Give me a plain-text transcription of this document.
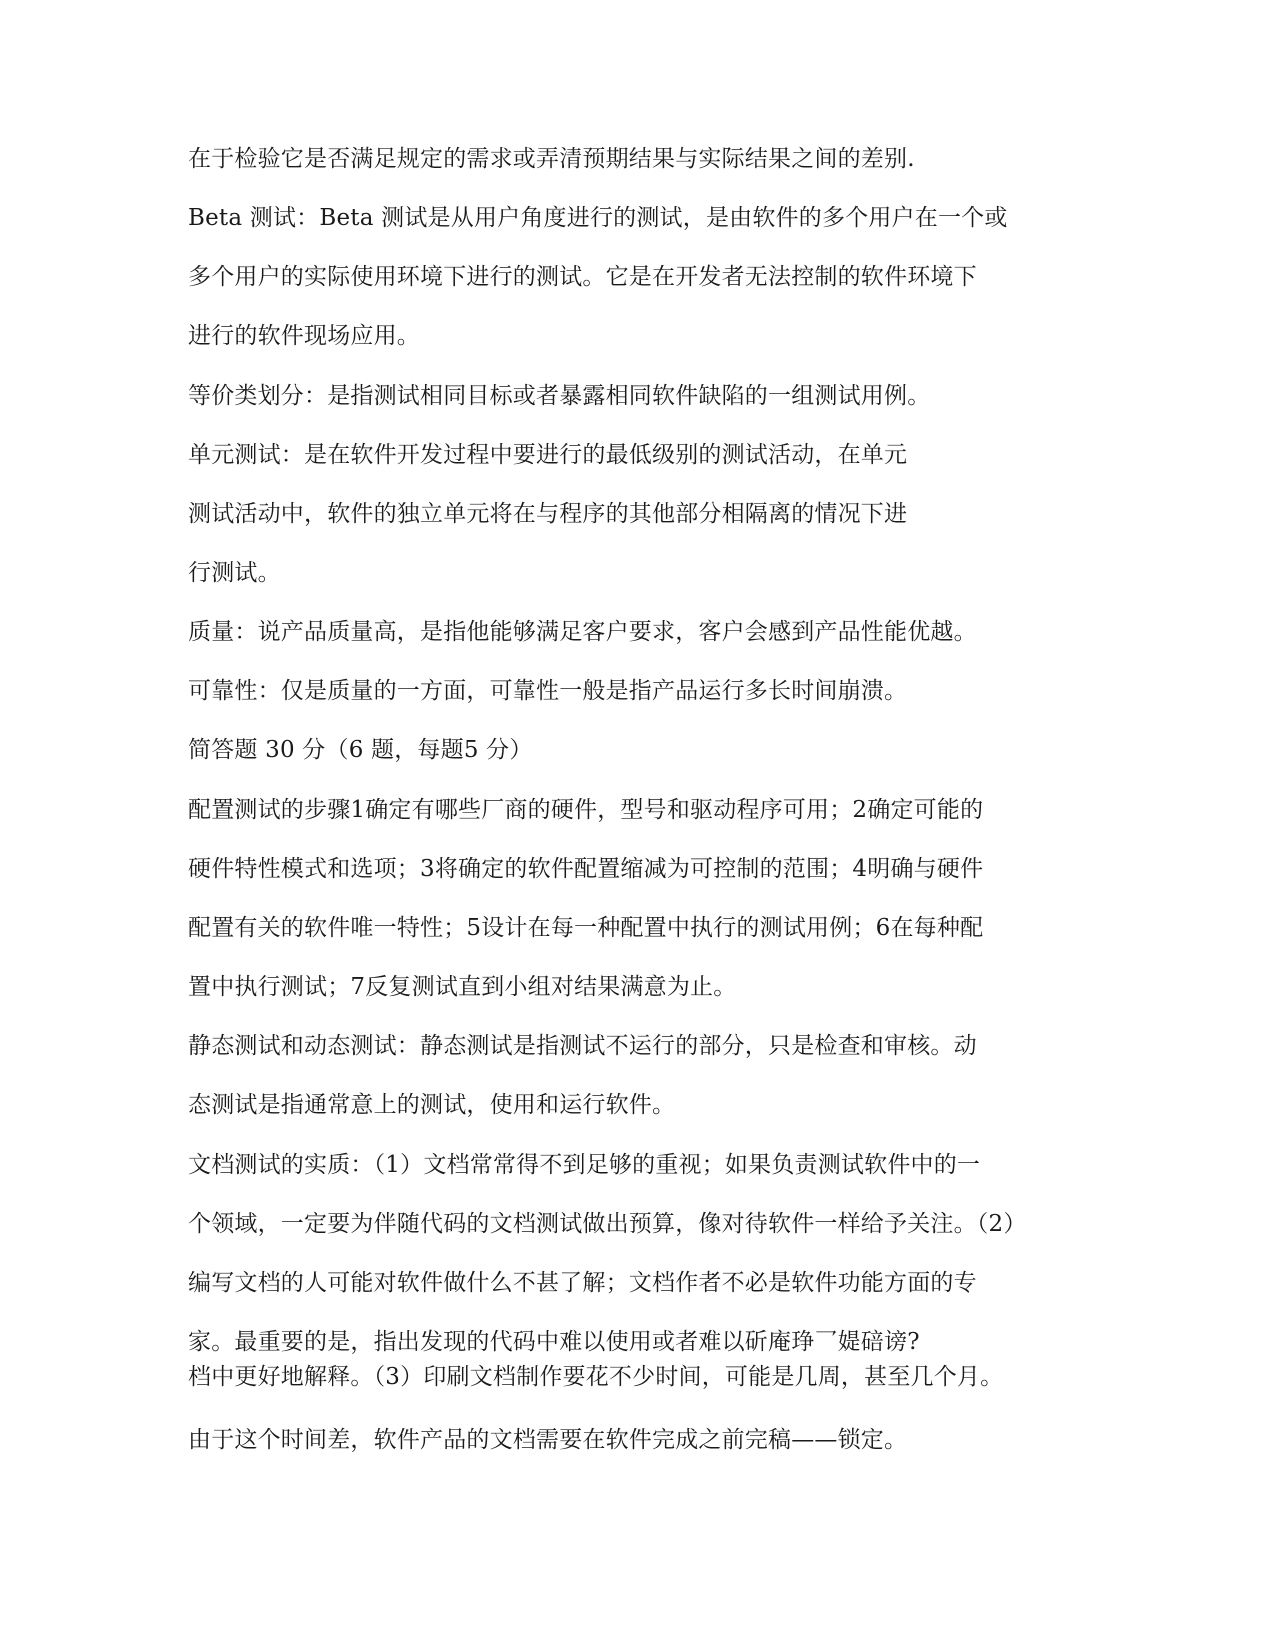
在于检验它是否满足规定的需求或弄清预期结果与实际结果之间的差别.
Beta 测试：Beta 测试是从用户角度进行的测试，是由软件的多个用户在一个或
多个用户的实际使用环境下进行的测试。它是在开发者无法控制的软件环境下
进行的软件现场应用。
等价类划分：是指测试相同目标或者暴露相同软件缺陷的一组测试用例。
单元测试：是在软件开发过程中要进行的最低级别的测试活动，在单元
测试活动中，软件的独立单元将在与程序的其他部分相隔离的情况下进
行测试。
质量：说产品质量高，是指他能够满足客户要求，客户会感到产品性能优越。
可靠性：仅是质量的一方面，可靠性一般是指产品运行多长时间崩溃。
简答题 30 分（6 题，每题5 分）
配置测试的步骤1确定有哪些厂商的硬件，型号和驱动程序可用；2确定可能的
硬件特性模式和选项；3将确定的软件配置缩减为可控制的范围；4明确与硬件
配置有关的软件唯一特性；5设计在每一种配置中执行的测试用例；6在每种配
置中执行测试；7反复测试直到小组对结果满意为止。
静态测试和动态测试：静态测试是指测试不运行的部分，只是检查和审核。动
态测试是指通常意上的测试，使用和运行软件。
文档测试的实质：（1）文档常常得不到足够的重视；如果负责测试软件中的一
个领域，一定要为伴随代码的文档测试做出预算，像对待软件一样给予关注。（2）
编写文档的人可能对软件做什么不甚了解；文档作者不必是软件功能方面的专
家。最重要的是，指出发现的代码中难以使用或者难以斫庵琤乛媞碚谤?
档中更好地解释。（3）印刷文档制作要花不少时间，可能是几周，甚至几个月。
由于这个时间差，软件产品的文档需要在软件完成之前完稿——锁定。
